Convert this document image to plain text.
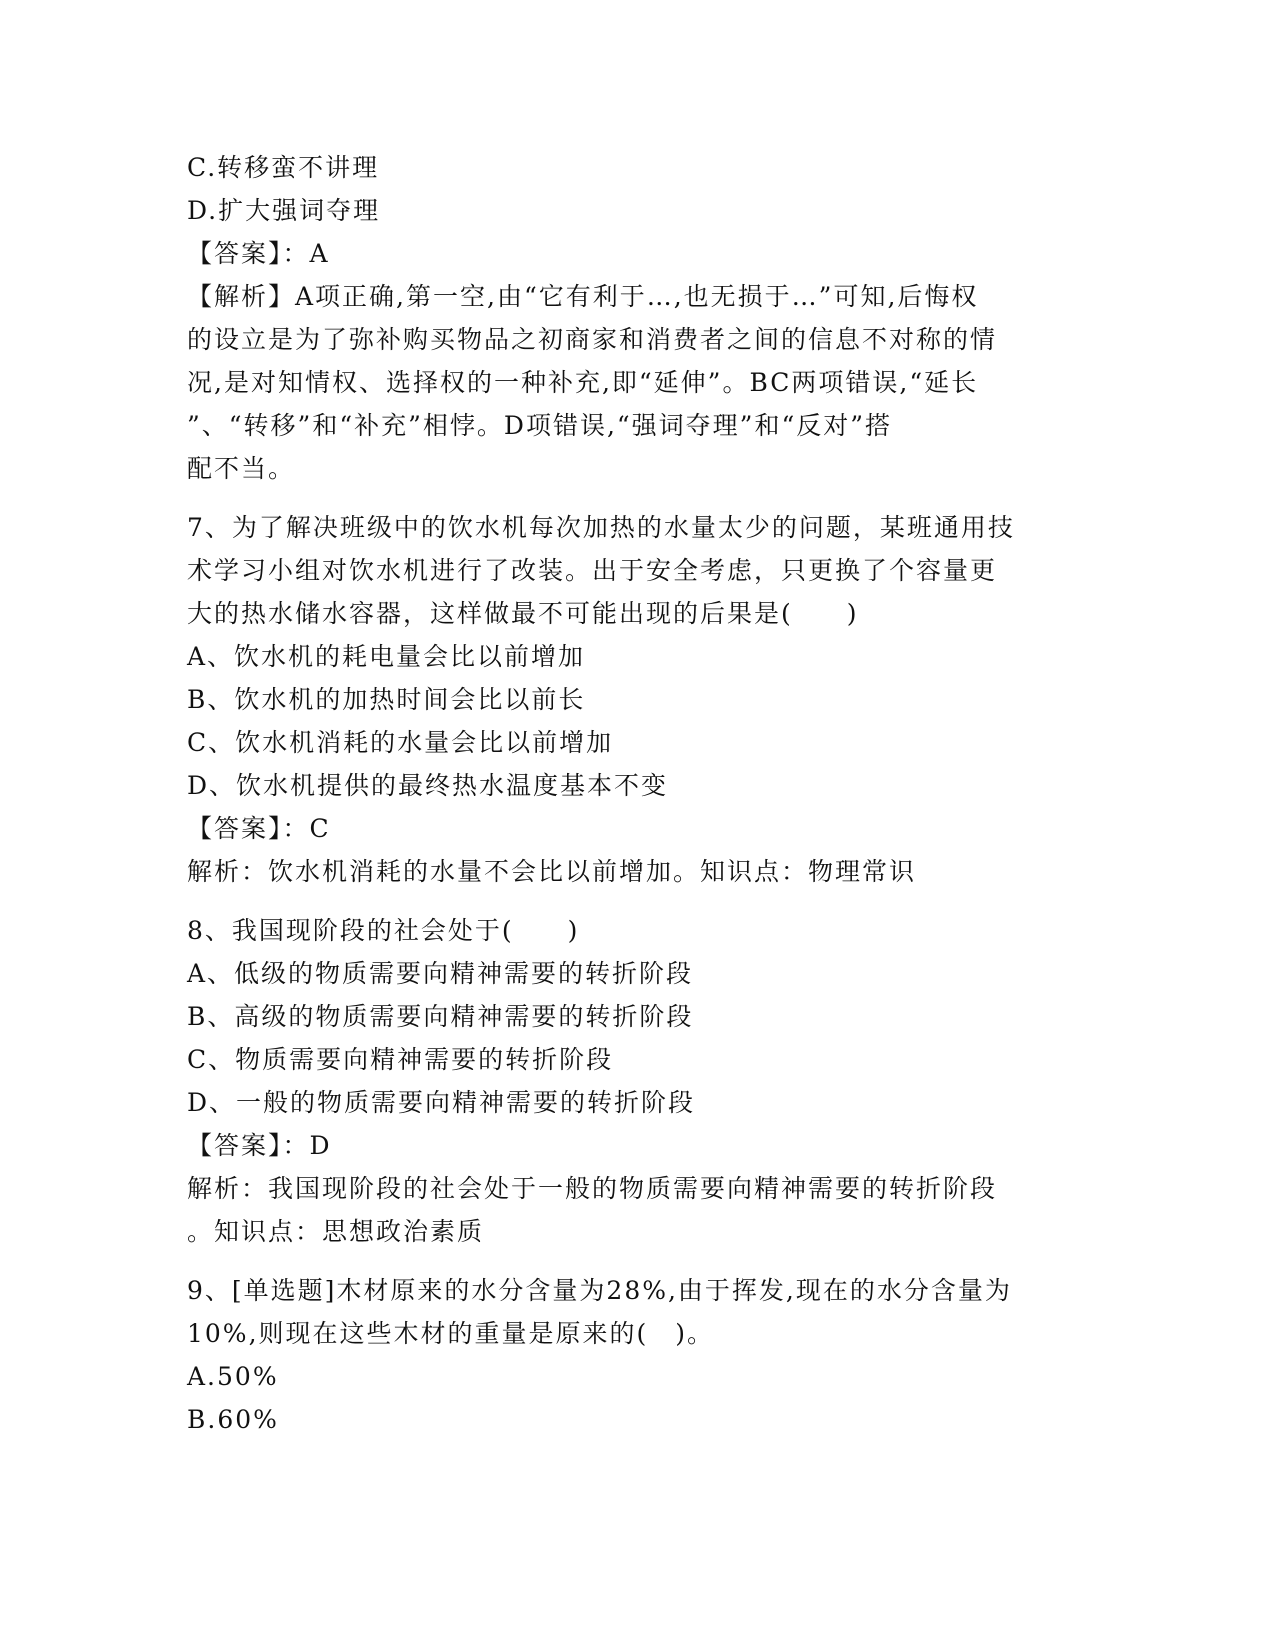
C.转移蛮不讲理
D.扩大强词夺理
【答案】：A
【解析】A项正确,第一空,由“它有利于…,也无损于…”可知,后悔权
的设立是为了弥补购买物品之初商家和消费者之间的信息不对称的情
况,是对知情权、选择权的一种补充,即“延伸”。BC两项错误,“延长
”、“转移”和“补充”相悖。D项错误,“强词夺理”和“反对”搭
配不当。
7、为了解决班级中的饮水机每次加热的水量太少的问题，某班通用技
术学习小组对饮水机进行了改装。出于安全考虑，只更换了个容量更
大的热水储水容器，这样做最不可能出现的后果是(　　)
A、饮水机的耗电量会比以前增加
B、饮水机的加热时间会比以前长
C、饮水机消耗的水量会比以前增加
D、饮水机提供的最终热水温度基本不变
【答案】：C
解析：饮水机消耗的水量不会比以前增加。知识点：物理常识
8、我国现阶段的社会处于(　　)
A、低级的物质需要向精神需要的转折阶段
B、高级的物质需要向精神需要的转折阶段
C、物质需要向精神需要的转折阶段
D、一般的物质需要向精神需要的转折阶段
【答案】：D
解析：我国现阶段的社会处于一般的物质需要向精神需要的转折阶段
。知识点：思想政治素质
9、[单选题]木材原来的水分含量为28%,由于挥发,现在的水分含量为
10%,则现在这些木材的重量是原来的(　)。
A.50%
B.60%
